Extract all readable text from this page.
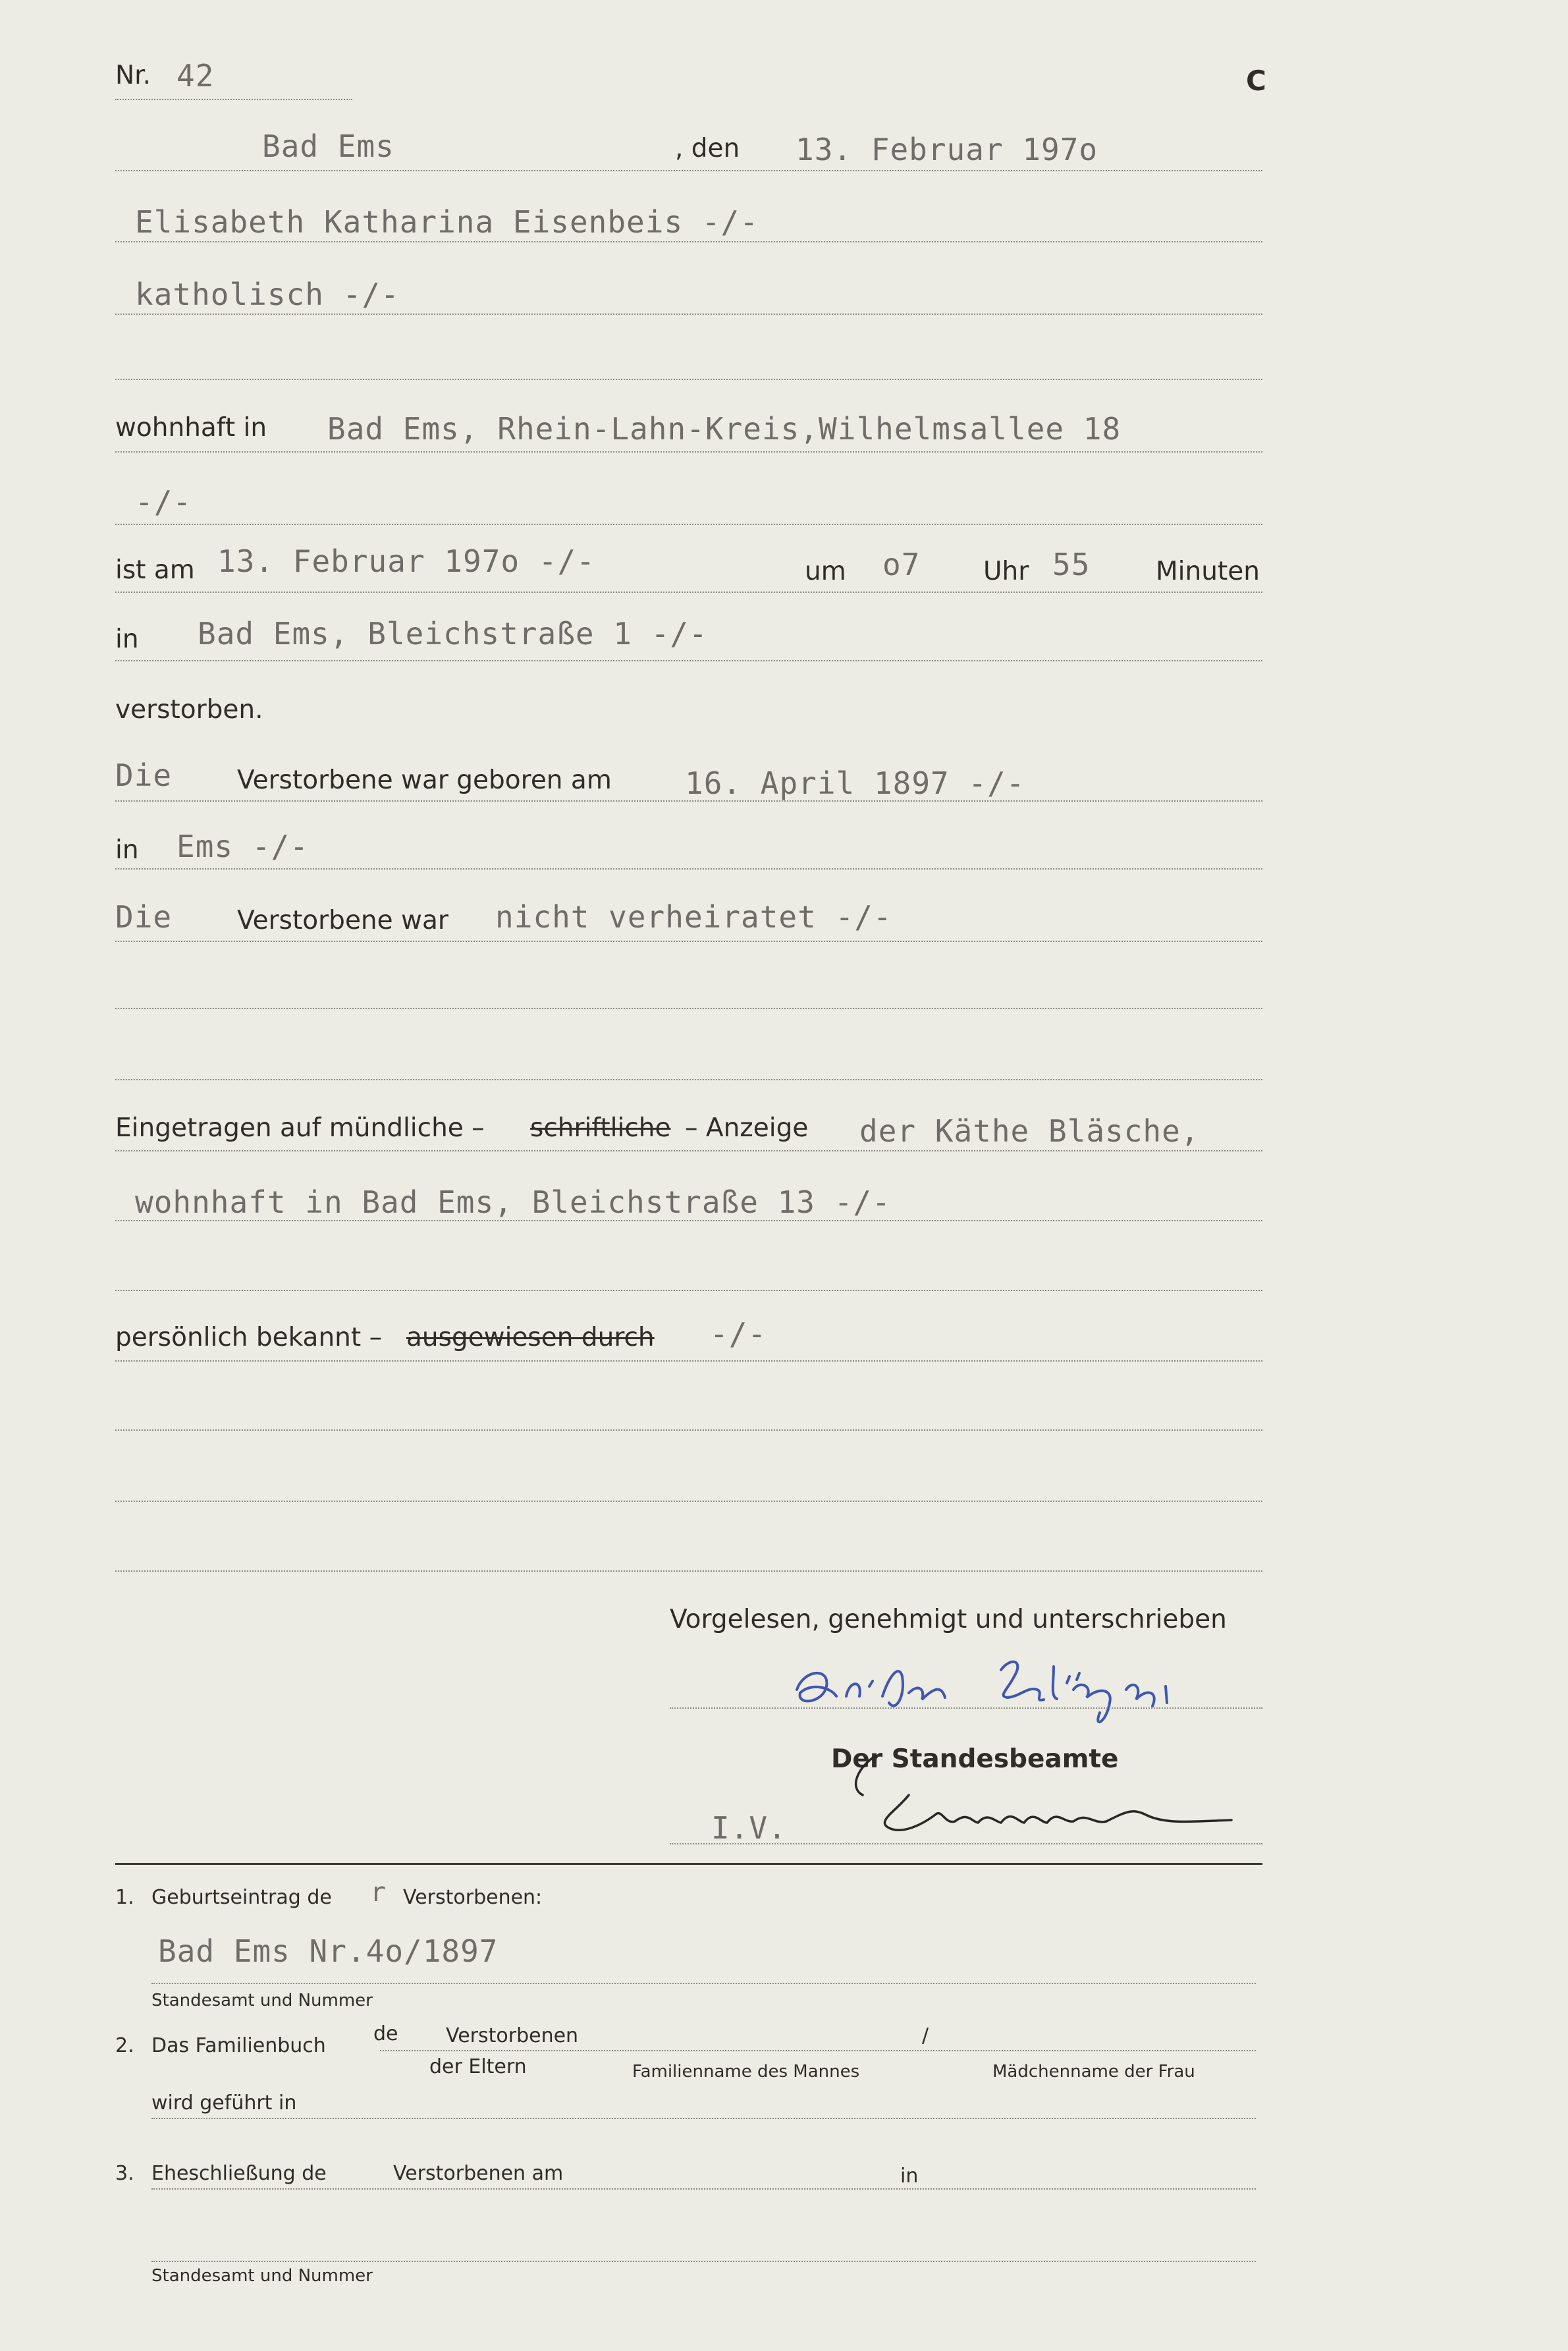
Nr. 42	C
Bad Ems	, den 13. Februar 197o
Elisabeth Katharina Eisenbeis -/-
katholisch -/-
wohnhaft in Bad Ems, Rhein-Lahn-Kreis,Wilhelmsallee 18
-/-
ist am 13. Februar 197o -/-	um o7 Uhr 55	Minuten
in Bad Ems, Bleichstraße 1 -/-
verstorben.
Die	Verstorbene war geboren am 16. April 1897 -/-
in Ems -/-
Die	Verstorbene war nicht verheiratet -/-
Eingetragen auf mündliche – schriftliche – Anzeige der Käthe Bläsche,
wohnhaft in Bad Ems, Bleichstraße 13 -/-
persönlich bekannt – ausgewiesen durch -/-
Vorgelesen, genehmigt und unterschrieben
Der Standesbeamte
I.V.
1. Geburtseintrag de r Verstorbenen:
Bad Ems Nr.4o/1897
Standesamt und Nummer
2. Das Familienbuch
de Verstorbenen	/
der Eltern	Familienname des Mannes	Mädchenname der Frau
wird geführt in
3. Eheschließung de	Verstorbenen am	in
Standesamt und Nummer
